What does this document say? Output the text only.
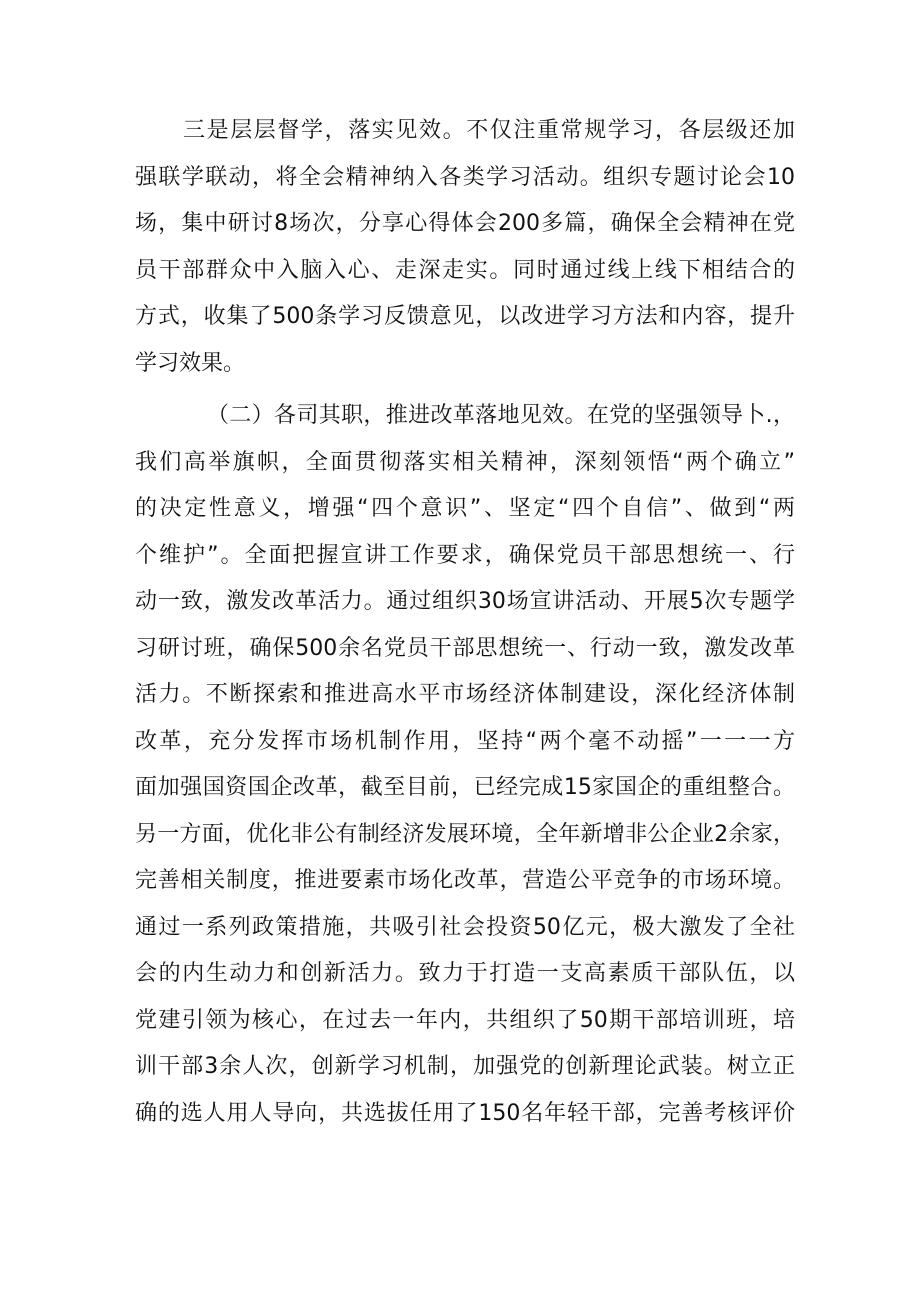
三是层层督学，落实见效。不仅注重常规学习，各层级还加
强联学联动，将全会精神纳入各类学习活动。组织专题讨论会10
场，集中研讨8场次，分享心得体会200多篇，确保全会精神在党
员干部群众中入脑入心、走深走实。同时通过线上线下相结合的
方式，收集了500条学习反馈意见，以改进学习方法和内容，提升
学习效果。
（二）各司其职，推进改革落地见效。在党的坚强领导卜.，
我们高举旗帜，全面贯彻落实相关精神，深刻领悟“两个确立”
的决定性意义，增强“四个意识”、坚定“四个自信”、做到“两
个维护”。全面把握宣讲工作要求，确保党员干部思想统一、行
动一致，激发改革活力。通过组织30场宣讲活动、开展5次专题学
习研讨班，确保500余名党员干部思想统一、行动一致，激发改革
活力。不断探索和推进高水平市场经济体制建设，深化经济体制
改革，充分发挥市场机制作用，坚持“两个毫不动摇”一一一方
面加强国资国企改革，截至目前，已经完成15家国企的重组整合。
另一方面，优化非公有制经济发展环境，全年新增非公企业2余家，
完善相关制度，推进要素市场化改革，营造公平竞争的市场环境。
通过一系列政策措施，共吸引社会投资50亿元，极大激发了全社
会的内生动力和创新活力。致力于打造一支高素质干部队伍，以
党建引领为核心，在过去一年内，共组织了50期干部培训班，培
训干部3余人次，创新学习机制，加强党的创新理论武装。树立正
确的选人用人导向，共选拔任用了150名年轻干部，完善考核评价
